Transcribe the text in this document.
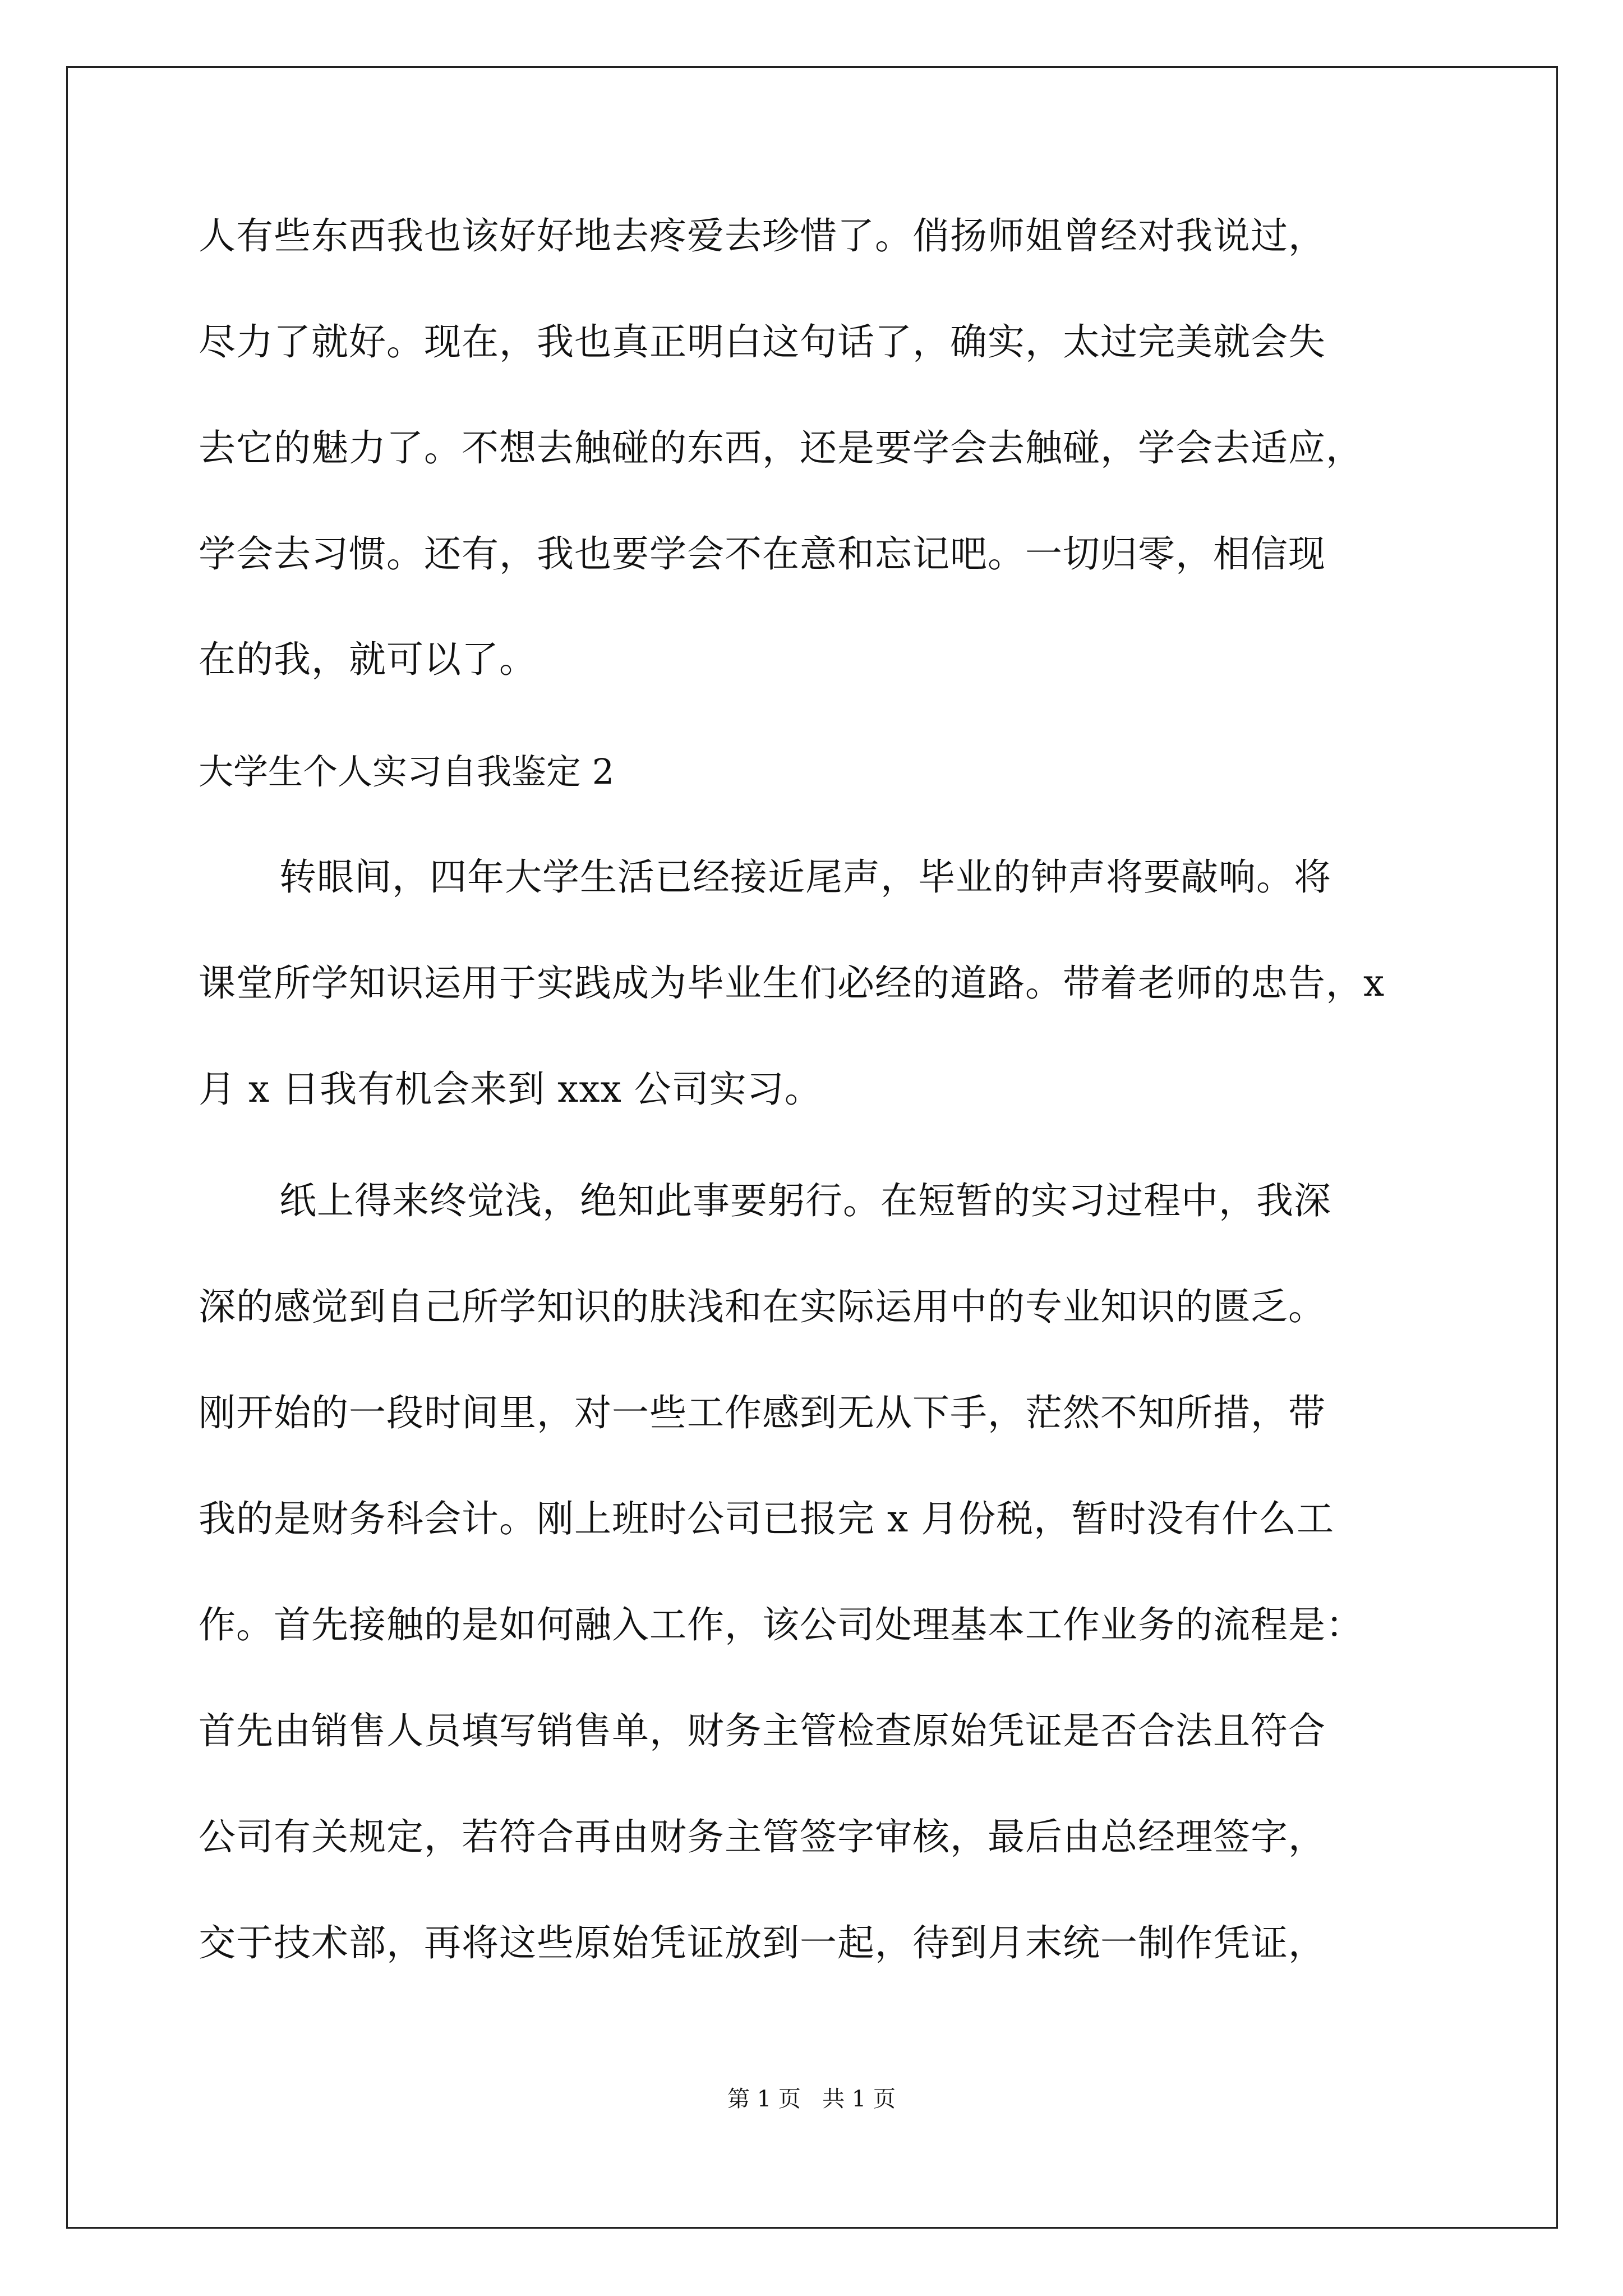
人有些东西我也该好好地去疼爱去珍惜了。俏扬师姐曾经对我说过，
尽力了就好。现在，我也真正明白这句话了，确实，太过完美就会失
去它的魅力了。不想去触碰的东西，还是要学会去触碰，学会去适应，
学会去习惯。还有，我也要学会不在意和忘记吧。一切归零，相信现
在的我，就可以了。
大学生个人实习自我鉴定 2
转眼间，四年大学生活已经接近尾声，毕业的钟声将要敲响。将
课堂所学知识运用于实践成为毕业生们必经的道路。带着老师的忠告，x
月 x 日我有机会来到 xxx 公司实习。
纸上得来终觉浅，绝知此事要躬行。在短暂的实习过程中，我深
深的感觉到自己所学知识的肤浅和在实际运用中的专业知识的匮乏。
刚开始的一段时间里，对一些工作感到无从下手，茫然不知所措，带
我的是财务科会计。刚上班时公司已报完 x 月份税，暂时没有什么工
作。首先接触的是如何融入工作，该公司处理基本工作业务的流程是：
首先由销售人员填写销售单，财务主管检查原始凭证是否合法且符合
公司有关规定，若符合再由财务主管签字审核，最后由总经理签字，
交于技术部，再将这些原始凭证放到一起，待到月末统一制作凭证，
第 1 页   共 1 页
